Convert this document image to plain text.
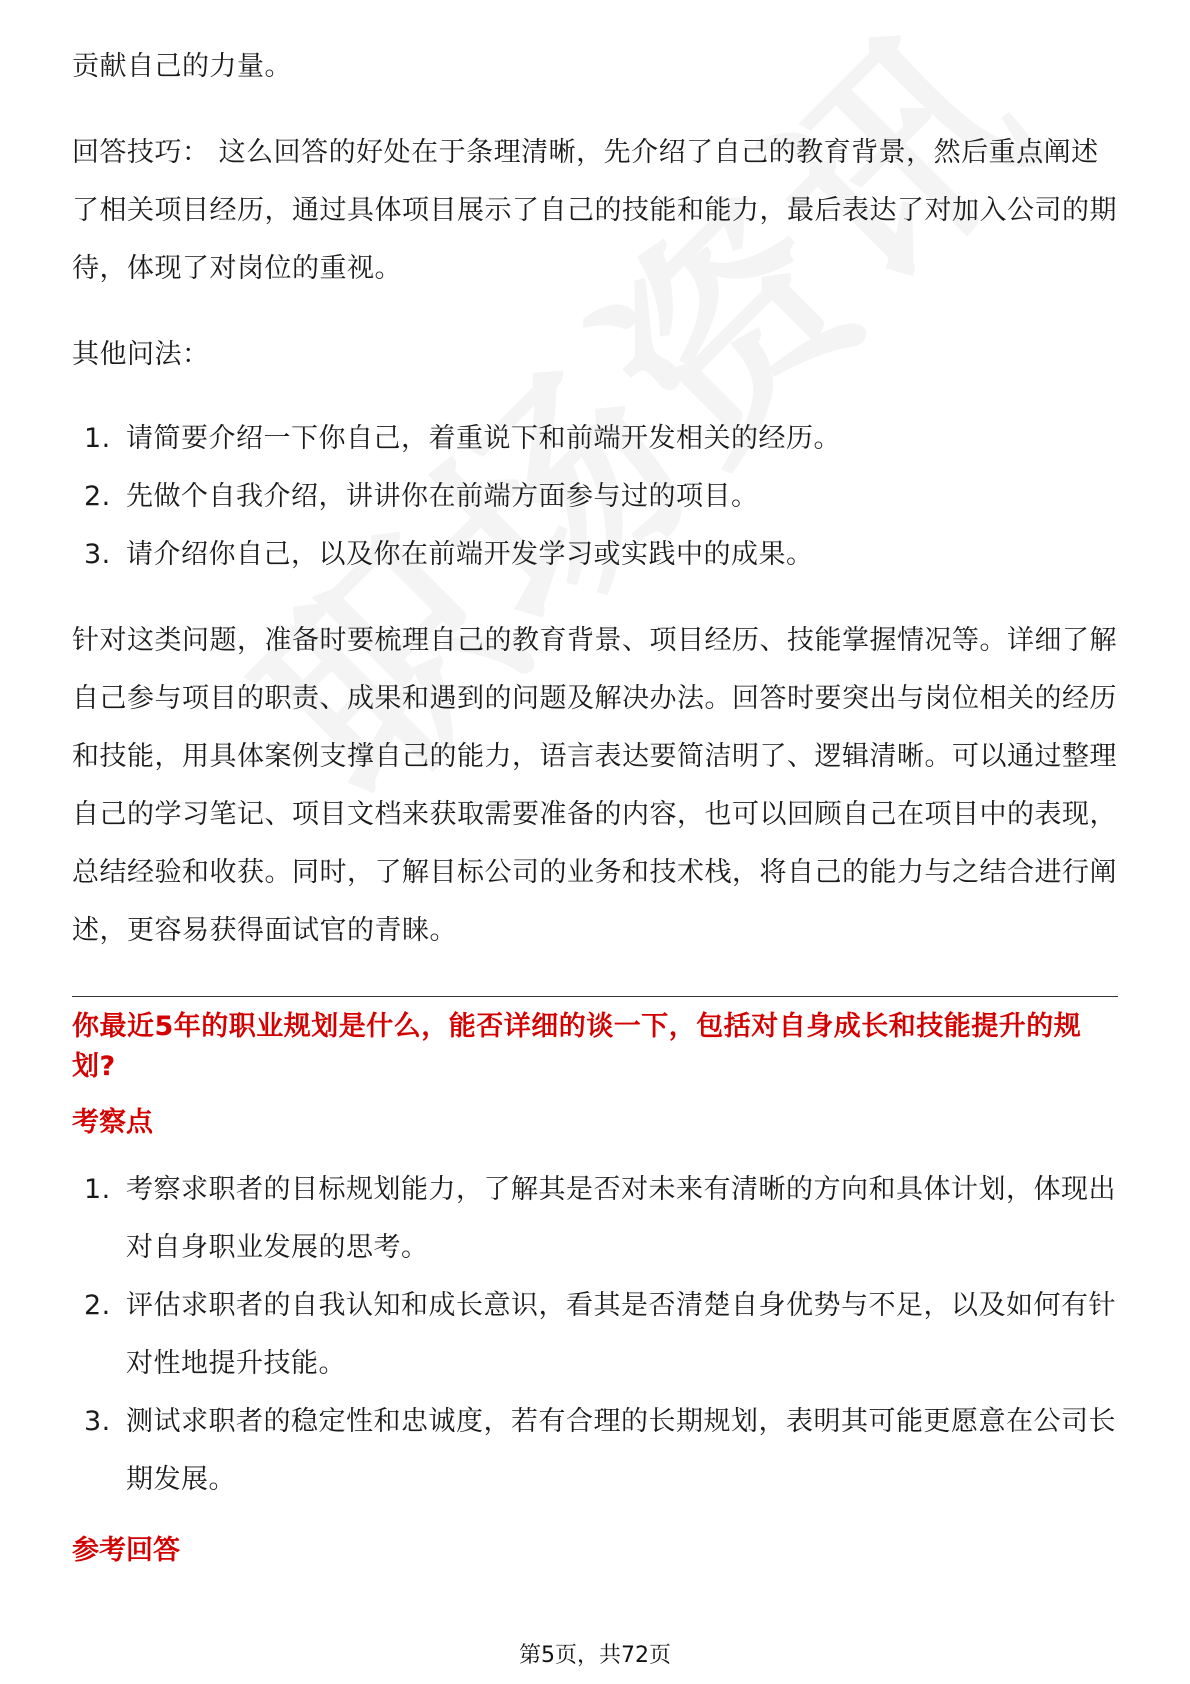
贡献自己的力量。

回答技巧： 这么回答的好处在于条理清晰，先介绍了自己的教育背景，然后重点阐述了相关项目经历，通过具体项目展示了自己的技能和能力，最后表达了对加入公司的期待，体现了对岗位的重视。

其他问法：

1. 请简要介绍一下你自己，着重说下和前端开发相关的经历。
2. 先做个自我介绍，讲讲你在前端方面参与过的项目。
3. 请介绍你自己，以及你在前端开发学习或实践中的成果。

针对这类问题，准备时要梳理自己的教育背景、项目经历、技能掌握情况等。详细了解自己参与项目的职责、成果和遇到的问题及解决办法。回答时要突出与岗位相关的经历和技能，用具体案例支撑自己的能力，语言表达要简洁明了、逻辑清晰。可以通过整理自己的学习笔记、项目文档来获取需要准备的内容，也可以回顾自己在项目中的表现，总结经验和收获。同时，了解目标公司的业务和技术栈，将自己的能力与之结合进行阐述，更容易获得面试官的青睐。

你最近5年的职业规划是什么，能否详细的谈一下，包括对自身成长和技能提升的规划?

考察点

1. 考察求职者的目标规划能力，了解其是否对未来有清晰的方向和具体计划，体现出对自身职业发展的思考。
2. 评估求职者的自我认知和成长意识，看其是否清楚自身优势与不足，以及如何有针对性地提升技能。
3. 测试求职者的稳定性和忠诚度，若有合理的长期规划，表明其可能更愿意在公司长期发展。

参考回答

第5页，共72页
